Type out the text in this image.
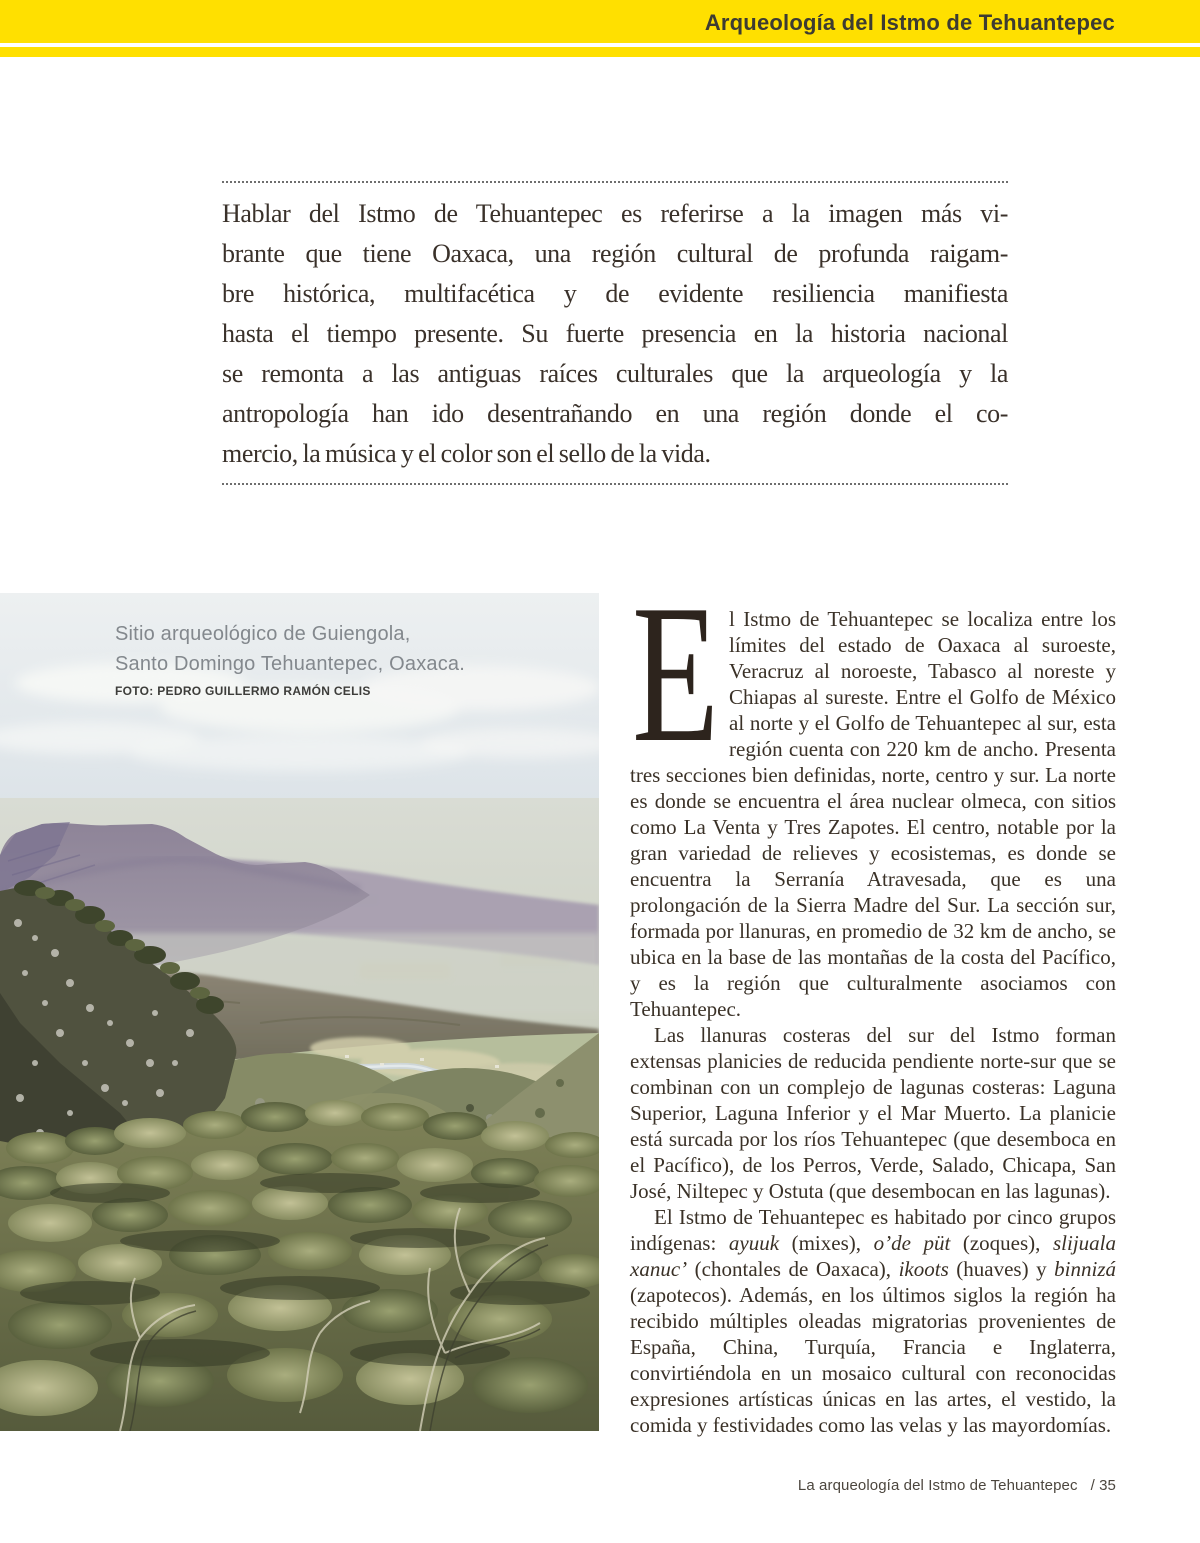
Arqueología del Istmo de Tehuantepec
Hablar del Istmo de Tehuantepec es referirse a la imagen más vi-
brante que tiene Oaxaca, una región cultural de profunda raigam-
bre histórica, multifacética y de evidente resiliencia manifiesta
hasta el tiempo presente. Su fuerte presencia en la historia nacional
se remonta a las antiguas raíces culturales que la arqueología y la
antropología han ido desentrañando en una región donde el co-
mercio, la música y el color son el sello de la vida.
Sitio arqueológico de Guiengola,
Santo Domingo Tehuantepec, Oaxaca.
FOTO: PEDRO GUILLERMO RAMÓN CELIS	E l Istmo de Tehuantepec se localiza entre los límites del estado de Oaxaca al suroeste, Veracruz al noroeste, Tabasco al noreste y Chiapas al sureste. Entre el Golfo de México al norte y el Golfo de Tehuantepec al sur, esta región cuenta con 220 km de ancho. Presenta tres secciones bien definidas, norte, centro y sur. La norte es donde se encuentra el área nuclear olmeca, con sitios como La Venta y Tres Zapotes. El centro, notable por la gran variedad de relieves y ecosistemas, es donde se encuentra la Serranía Atravesada, que es una prolongación de la Sierra Madre del Sur. La sección sur, formada por llanuras, en promedio de 32 km de ancho, se ubica en la base de las montañas de la costa del Pacífico, y es la región que culturalmente asociamos con Tehuantepec.

Las llanuras costeras del sur del Istmo forman extensas planicies de reducida pendiente norte-sur que se combinan con un complejo de lagunas costeras: Laguna Superior, Laguna Inferior y el Mar Muerto. La planicie está surcada por los ríos Tehuantepec (que desemboca en el Pacífico), de los Perros, Verde, Salado, Chicapa, San José, Niltepec y Ostuta (que desembocan en las lagunas).

El Istmo de Tehuantepec es habitado por cinco grupos indígenas: ayuuk (mixes), o’de püt (zoques), slijuala xanuc’ (chontales de Oaxaca), ikoots (huaves) y binnizá (zapotecos). Además, en los últimos siglos la región ha recibido múltiples oleadas migratorias provenientes de España, China, Turquía, Francia e Inglaterra, convirtiéndola en un mosaico cultural con reconocidas expresiones artísticas únicas en las artes, el vestido, la comida y festividades como las velas y las mayordomías.

La arqueología del Istmo de Tehuantepec / 35
